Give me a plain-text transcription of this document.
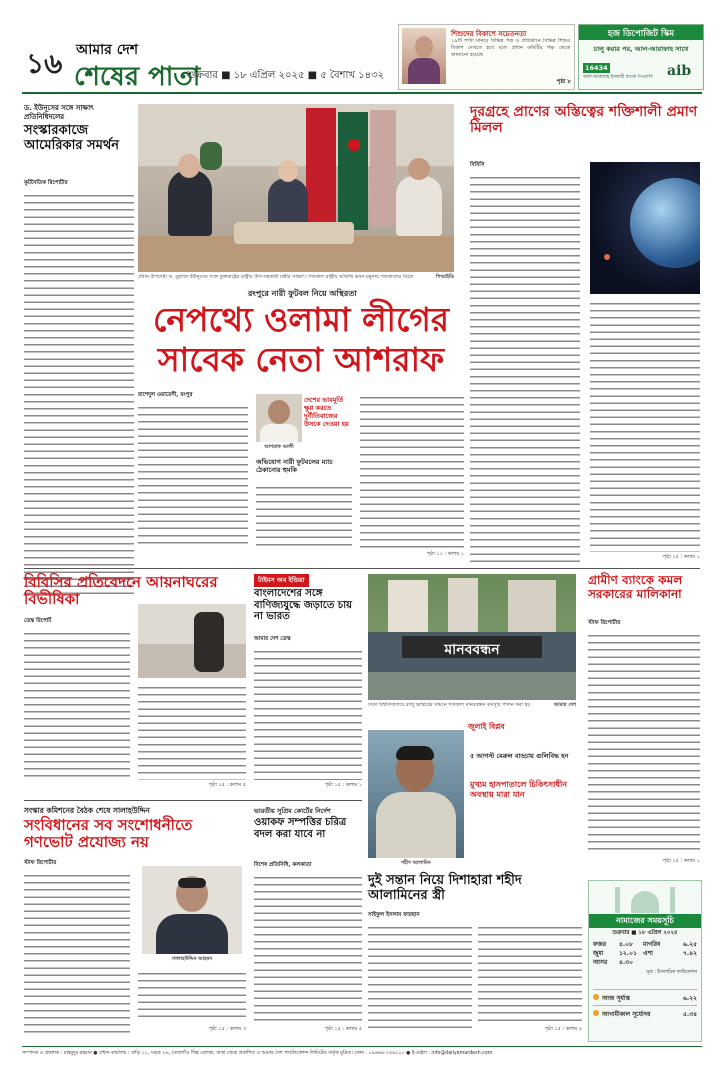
১৬ আমার দেশ
শেষের পাতা
শুক্রবার ■ ১৮ এপ্রিল ২০২৫ ■ ৫ বৈশাখ ১৪৩২
শিশুদের বিকাশে সচেতনতা
১৯টি শাখা মানবে বিভিন্ন পত্র ও প্রতিষ্ঠানে বিভিন্ন শিশুর বিকাশ দেখতে হবে বলে প্রধান কমিটির পক্ষ থেকে জানানো হয়েছে
পৃষ্ঠা ৮
হজ ডিপোজিট স্কিম
চালু করার পর, আল-আরাফাহ সাথে
16434
আল-আরাফাহ ইসলামী ব্যাংক পিএলসি	aib
ড. ইউনূসের সঙ্গে সাক্ষাৎ প্রতিনিধিদলের
সংস্কারকাজে আমেরিকার সমর্থন
কূটনৈতিক রিপোর্টার
প্রধান উপদেষ্টা ড. মুহাম্মদ ইউনূসের সঙ্গে যুক্তরাষ্ট্রের রাষ্ট্রীয় উপ-সহকারী মন্ত্রীর সাক্ষাৎ। গতকাল রাষ্ট্রীয় অতিথি ভবন যমুনায় গতকালের বৈঠক	পিআইডি
দূরগ্রহে প্রাণের অস্তিত্বের শক্তিশালী প্রমাণ মিলল
বিবিসি
পৃষ্ঠা ১৫ : কলাম ১
রংপুরে নারী ফুটবল নিয়ে অস্থিরতা
নেপথ্যে ওলামা লীগের সাবেক নেতা আশরাফ
রাশেদুল ওয়ারেসী, রংপুর
আশরাফ আলী
দেশের ভাবমূর্তি ক্ষুণ্ণ করতে দুর্নীতিবাজের উসকে দেওয়া হয়
অভিযোগ নারী ফুটবলের ম্যাচ ঠেকানোর হুমকি
পৃষ্ঠা ১১ : কলাম ১
বিবিসির প্রতিবেদনে আয়নাঘরের বিভীষিকা
ডেস্ক রিপোর্ট
পৃষ্ঠা ১৫ : কলাম ৫
টাইমস অব ইন্ডিয়া
বাংলাদেশের সঙ্গে বাণিজ্যযুদ্ধে জড়াতে চায় না ভারত
আমার দেশ ডেস্ক
পৃষ্ঠা ১৫ : কলাম ১
মানববন্ধন
ঢাকা বিশ্ববিদ্যালয়ে রাজু ভাস্কর্যের সামনে গতকাল মানববন্ধন কর্মসূচি পালন করা হয়	আমার দেশ
গ্রামীণ ব্যাংকে কমল সরকারের মালিকানা
স্টাফ রিপোর্টার
পৃষ্ঠা ১৫ : কলাম ১
সংস্কার কমিশনের বৈঠক শেষে সালাহউদ্দিন
সংবিধানের সব সংশোধনীতে গণভোট প্রযোজ্য নয়
স্টাফ রিপোর্টার
সালাহউদ্দিন আহমদ
পৃষ্ঠা ১৫ : কলাম ৩
ভারতীয় সুপ্রিম কোর্টের নির্দেশ
ওয়াকফ সম্পত্তির চরিত্র বদল করা যাবে না
বিশেষ প্রতিনিধি, কলকাতা
পৃষ্ঠা ১৫ : কলাম ৫
জুলাই বিপ্লব
শহীদ আলামিন
৫ আগস্ট মেরুল বাড্ডায় গুলিবিদ্ধ হন
মুখ্যম হাসপাতালে চিকিৎসাধীন অবস্থায় মারা যান
দুই সন্তান নিয়ে দিশাহারা শহীদ আলামিনের স্ত্রী
সাইফুল ইসলাম ফারহান
পৃষ্ঠা ১৫ : কলাম ৪
নামাজের সময়সূচি
শুক্রবার ■ ১৮ এপ্রিল ২০২৫
ফজর	৪.০৮	মাগরিব	৬.২৫
জুমা	১২.০১	এশা	৭.৪২
আসর	৪.৩০
সূত্র : ইসলামিক ফাউন্ডেশন
আজ সূর্যাস্ত	৬.২২
আগামীকাল সূর্যোদয়	৫.৩৪
সম্পাদক ও প্রকাশক : মাহমুদুর রহমান ● প্রধান কার্যালয় : বাড়ি ১১, সড়ক ২৬, তেজগাঁও শিল্প এলাকা, ঢাকা থেকে প্রকাশিত ও আমার দেশ পাবলিকেশন্স লিমিটেড কর্তৃক মুদ্রিত। ফোন : ০৯৬৬৯-২৫৯০০০ ● ই-মেইল : info@dailyamardesh.com
